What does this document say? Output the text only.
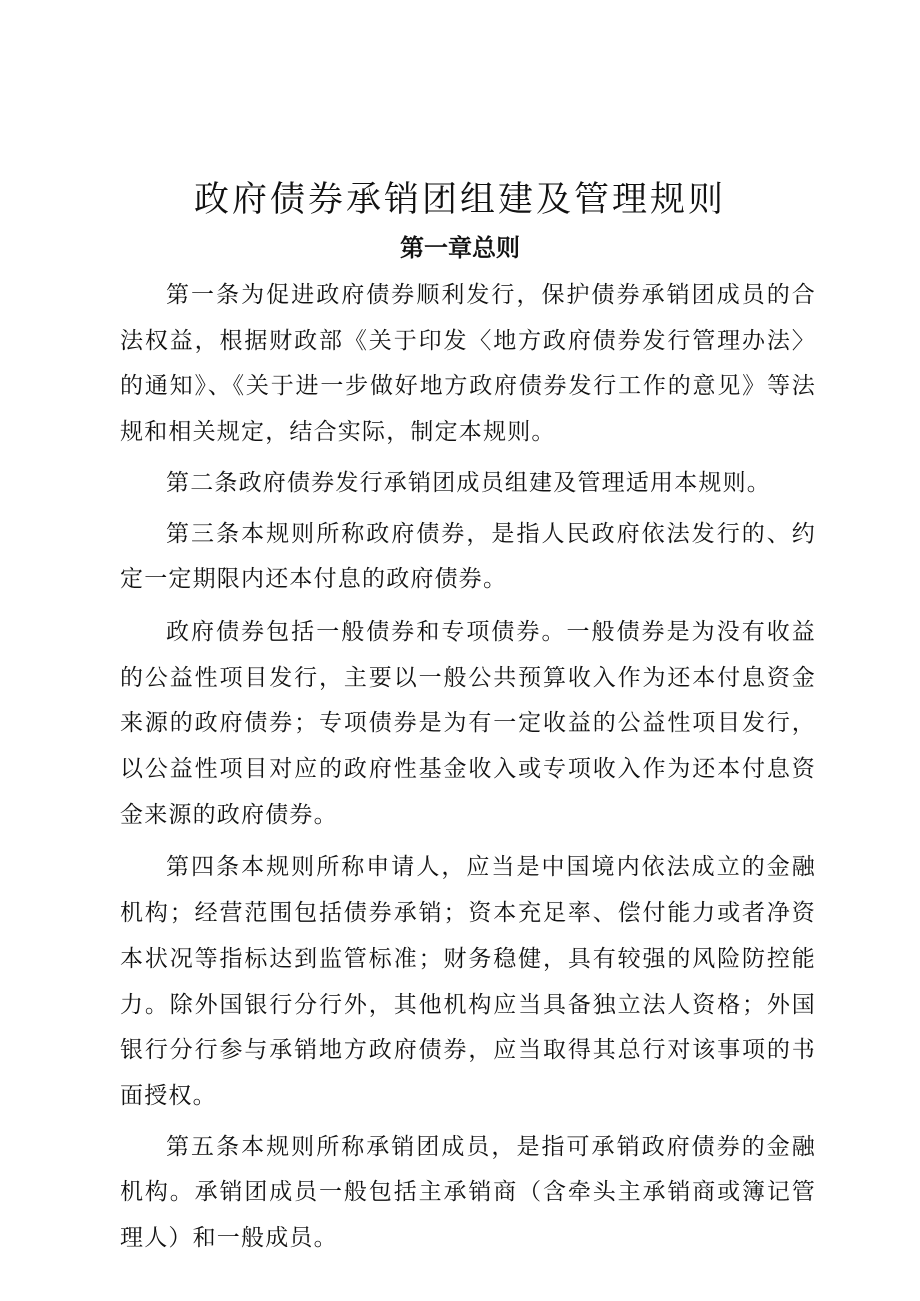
政府债券承销团组建及管理规则
第一章总则

第一条为促进政府债券顺利发行，保护债券承销团成员的合法权益，根据财政部《关于印发〈地方政府债券发行管理办法〉的通知》、《关于进一步做好地方政府债券发行工作的意见》等法规和相关规定，结合实际，制定本规则。

第二条政府债券发行承销团成员组建及管理适用本规则。

第三条本规则所称政府债券，是指人民政府依法发行的、约定一定期限内还本付息的政府债券。

政府债券包括一般债券和专项债券。一般债券是为没有收益的公益性项目发行，主要以一般公共预算收入作为还本付息资金来源的政府债券；专项债券是为有一定收益的公益性项目发行，以公益性项目对应的政府性基金收入或专项收入作为还本付息资金来源的政府债券。

第四条本规则所称申请人，应当是中国境内依法成立的金融机构；经营范围包括债券承销；资本充足率、偿付能力或者净资本状况等指标达到监管标准；财务稳健，具有较强的风险防控能力。除外国银行分行外，其他机构应当具备独立法人资格；外国银行分行参与承销地方政府债券，应当取得其总行对该事项的书面授权。

第五条本规则所称承销团成员，是指可承销政府债券的金融机构。承销团成员一般包括主承销商（含牵头主承销商或簿记管理人）和一般成员。
